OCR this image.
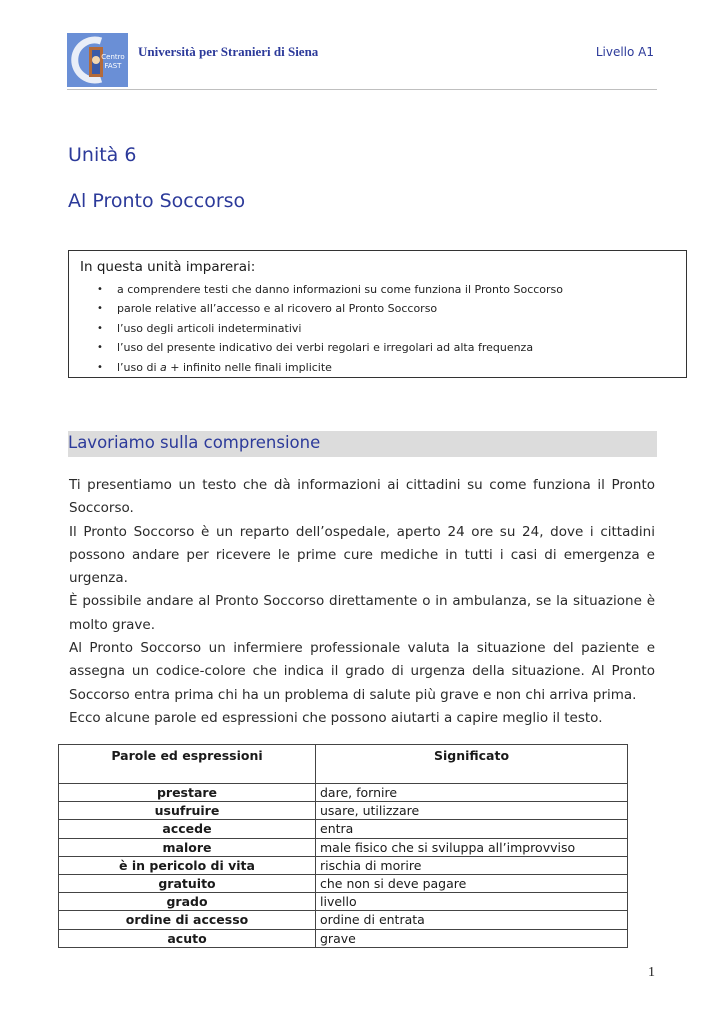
Centro
FAST
Università per Stranieri di Siena	Livello A1
Unità 6
Al Pronto Soccorso
In questa unità imparerai:
• a comprendere testi che danno informazioni su come funziona il Pronto Soccorso
• parole relative all’accesso e al ricovero al Pronto Soccorso
• l’uso degli articoli indeterminativi
• l’uso del presente indicativo dei verbi regolari e irregolari ad alta frequenza
• l’uso di a + infinito nelle finali implicite
Lavoriamo sulla comprensione

Ti presentiamo un testo che dà informazioni ai cittadini su come funziona il Pronto Soccorso.

Il Pronto Soccorso è un reparto dell’ospedale, aperto 24 ore su 24, dove i cittadini possono andare per ricevere le prime cure mediche in tutti i casi di emergenza e urgenza.

È possibile andare al Pronto Soccorso direttamente o in ambulanza, se la situazione è molto grave.

Al Pronto Soccorso un infermiere professionale valuta la situazione del paziente e assegna un codice-colore che indica il grado di urgenza della situazione. Al Pronto Soccorso entra prima chi ha un problema di salute più grave e non chi arriva prima.

Ecco alcune parole ed espressioni che possono aiutarti a capire meglio il testo.

Parole ed espressioni	Significato
prestare	dare, fornire
usufruire	usare, utilizzare
accede	entra
malore	male fisico che si sviluppa all’improvviso
è in pericolo di vita	rischia di morire
gratuito	che non si deve pagare
grado	livello
ordine di accesso	ordine di entrata
acuto	grave
1
